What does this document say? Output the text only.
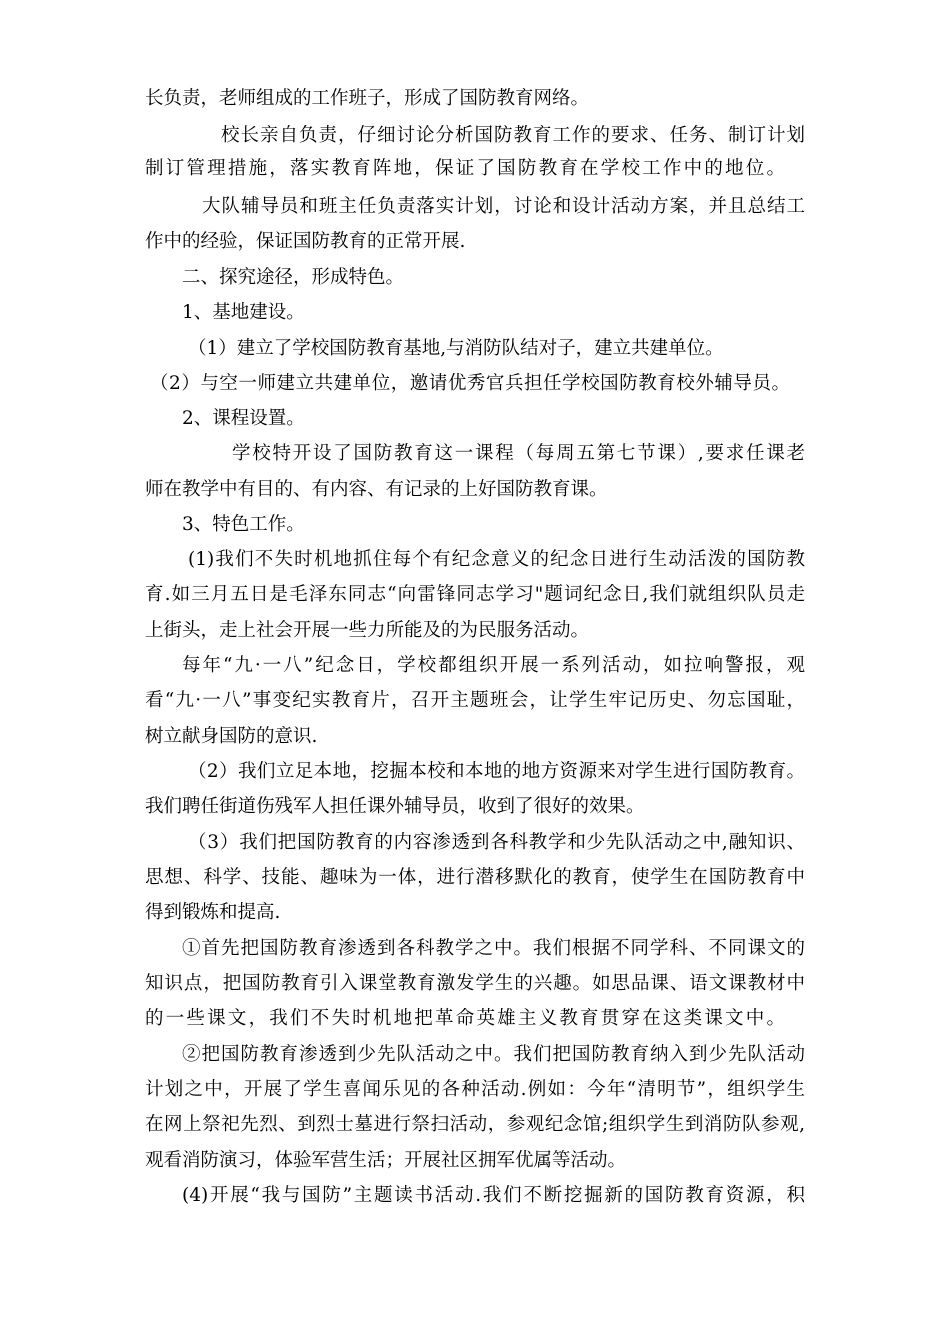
长负责，老师组成的工作班子，形成了国防教育网络。
校长亲自负责，仔细讨论分析国防教育工作的要求、任务、制订计划
制订管理措施，落实教育阵地，保证了国防教育在学校工作中的地位。
大队辅导员和班主任负责落实计划，讨论和设计活动方案，并且总结工
作中的经验，保证国防教育的正常开展.
二、探究途径，形成特色。
1、基地建设。
（1）建立了学校国防教育基地,与消防队结对子，建立共建单位。
（2）与空一师建立共建单位，邀请优秀官兵担任学校国防教育校外辅导员。
2、课程设置。
学校特开设了国防教育这一课程（每周五第七节课）,要求任课老
师在教学中有目的、有内容、有记录的上好国防教育课。
3、特色工作。
(1)我们不失时机地抓住每个有纪念意义的纪念日进行生动活泼的国防教
育.如三月五日是毛泽东同志“向雷锋同志学习"题词纪念日,我们就组织队员走
上街头，走上社会开展一些力所能及的为民服务活动。
每年“九·一八”纪念日，学校都组织开展一系列活动，如拉响警报，观
看“九·一八”事变纪实教育片，召开主题班会，让学生牢记历史、勿忘国耻，
树立献身国防的意识.
（2）我们立足本地，挖掘本校和本地的地方资源来对学生进行国防教育。
我们聘任街道伤残军人担任课外辅导员，收到了很好的效果。
（3）我们把国防教育的内容渗透到各科教学和少先队活动之中,融知识、
思想、科学、技能、趣味为一体，进行潜移默化的教育，使学生在国防教育中
得到锻炼和提高.
①首先把国防教育渗透到各科教学之中。我们根据不同学科、不同课文的
知识点，把国防教育引入课堂教育激发学生的兴趣。如思品课、语文课教材中
的一些课文，我们不失时机地把革命英雄主义教育贯穿在这类课文中。
②把国防教育渗透到少先队活动之中。我们把国防教育纳入到少先队活动
计划之中，开展了学生喜闻乐见的各种活动.例如：今年“清明节”，组织学生
在网上祭祀先烈、到烈士墓进行祭扫活动，参观纪念馆;组织学生到消防队参观,
观看消防演习，体验军营生活；开展社区拥军优属等活动。
(4)开展“我与国防”主题读书活动.我们不断挖掘新的国防教育资源，积
